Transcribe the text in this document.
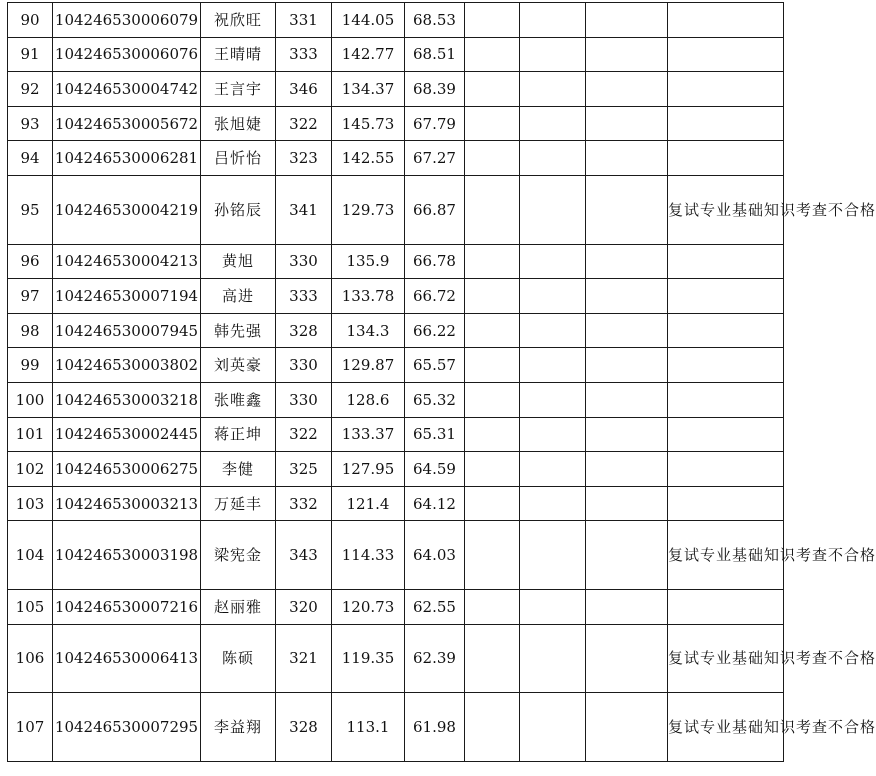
90	104246530006079	祝欣旺	331	144.05	68.53				
91	104246530006076	王晴晴	333	142.77	68.51				
92	104246530004742	王言宇	346	134.37	68.39				
93	104246530005672	张旭婕	322	145.73	67.79				
94	104246530006281	吕忻怡	323	142.55	67.27				
95	104246530004219	孙铭辰	341	129.73	66.87				复试专业基础知识考查不合格
96	104246530004213	黄旭	330	135.9	66.78				
97	104246530007194	高进	333	133.78	66.72				
98	104246530007945	韩先强	328	134.3	66.22				
99	104246530003802	刘英豪	330	129.87	65.57				
100	104246530003218	张唯鑫	330	128.6	65.32				
101	104246530002445	蒋正坤	322	133.37	65.31				
102	104246530006275	李健	325	127.95	64.59				
103	104246530003213	万延丰	332	121.4	64.12				
104	104246530003198	梁宪金	343	114.33	64.03				复试专业基础知识考查不合格
105	104246530007216	赵丽雅	320	120.73	62.55				
106	104246530006413	陈硕	321	119.35	62.39				复试专业基础知识考查不合格
107	104246530007295	李益翔	328	113.1	61.98				复试专业基础知识考查不合格
